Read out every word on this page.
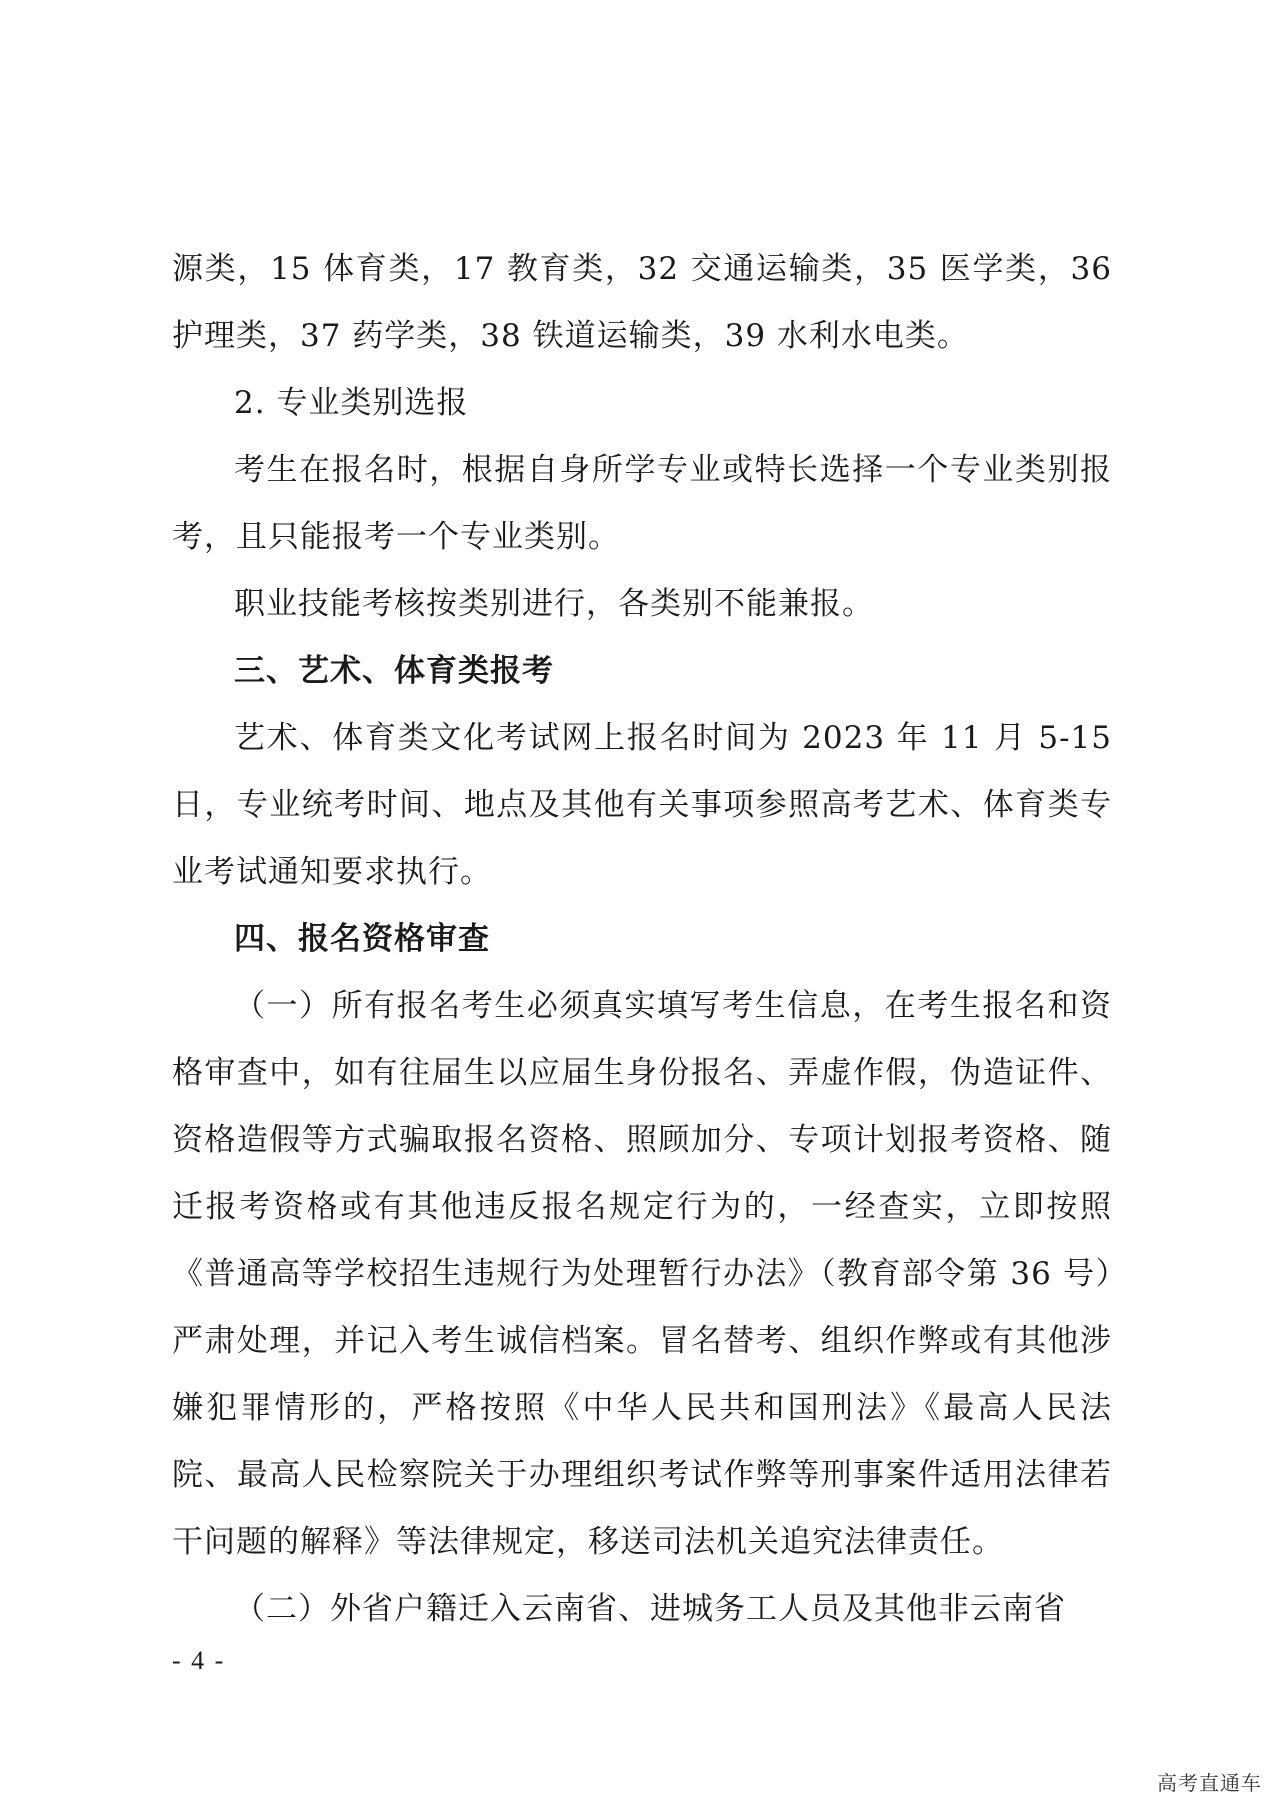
源类，15 体育类，17 教育类，32 交通运输类，35 医学类，36 护理类，37 药学类，38 铁道运输类，39 水利水电类。

2. 专业类别选报

考生在报名时，根据自身所学专业或特长选择一个专业类别报考，且只能报考一个专业类别。

职业技能考核按类别进行，各类别不能兼报。

三、艺术、体育类报考

艺术、体育类文化考试网上报名时间为 2023 年 11 月 5-15 日，专业统考时间、地点及其他有关事项参照高考艺术、体育类专业考试通知要求执行。

四、报名资格审查

（一）所有报名考生必须真实填写考生信息，在考生报名和资格审查中，如有往届生以应届生身份报名、弄虚作假，伪造证件、资格造假等方式骗取报名资格、照顾加分、专项计划报考资格、随迁报考资格或有其他违反报名规定行为的，一经查实，立即按照《普通高等学校招生违规行为处理暂行办法》（教育部令第 36 号）严肃处理，并记入考生诚信档案。冒名替考、组织作弊或有其他涉嫌犯罪情形的，严格按照《中华人民共和国刑法》《最高人民法院、最高人民检察院关于办理组织考试作弊等刑事案件适用法律若干问题的解释》等法律规定，移送司法机关追究法律责任。

（二）外省户籍迁入云南省、进城务工人员及其他非云南省

- 4 -
高考直通车
